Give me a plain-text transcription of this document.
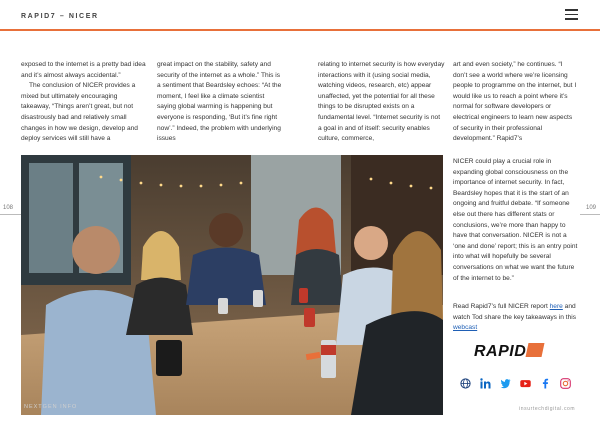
RAPID7 – NICER

exposed to the internet is a pretty bad idea and it’s almost always accidental.”

The conclusion of NICER provides a mixed but ultimately encouraging takeaway, “Things aren’t great, but not disastrously bad and relatively small changes in how we design, develop and deploy services will still have a

great impact on the stability, safety and security of the internet as a whole.” This is a sentiment that Beardsley echoes: “At the moment, I feel like a climate scientist saying global warming is happening but everyone is responding, ‘But it’s fine right now’.” Indeed, the problem with underlying issues

relating to internet security is how everyday interactions with it (using social media, watching videos, research, etc) appear unaffected, yet the potential for all these things to be disrupted exists on a fundamental level. “Internet security is not a goal in and of itself: security enables culture, commerce,

art and even society,” he continues. “I don’t see a world where we’re licensing people to programme on the internet, but I would like us to reach a point where it’s normal for software developers or electrical engineers to learn new aspects of security in their professional development.” Rapid7’s

NICER could play a crucial role in expanding global consciousness on the importance of internet security. In fact, Beardsley hopes that it is the start of an ongoing and fruitful debate. “If someone else out there has different stats or conclusions, we’re more than happy to have that conversation. NICER is not a ‘one and done’ report; this is an entry point into what will hopefully be several conversations on what we want the future of the internet to be.”

Read Rapid7’s full NICER report here and watch Tod share the key takeaways in this webcast

108	109
RAPID
NEXTGEN INFO	insurtechdigital.com
